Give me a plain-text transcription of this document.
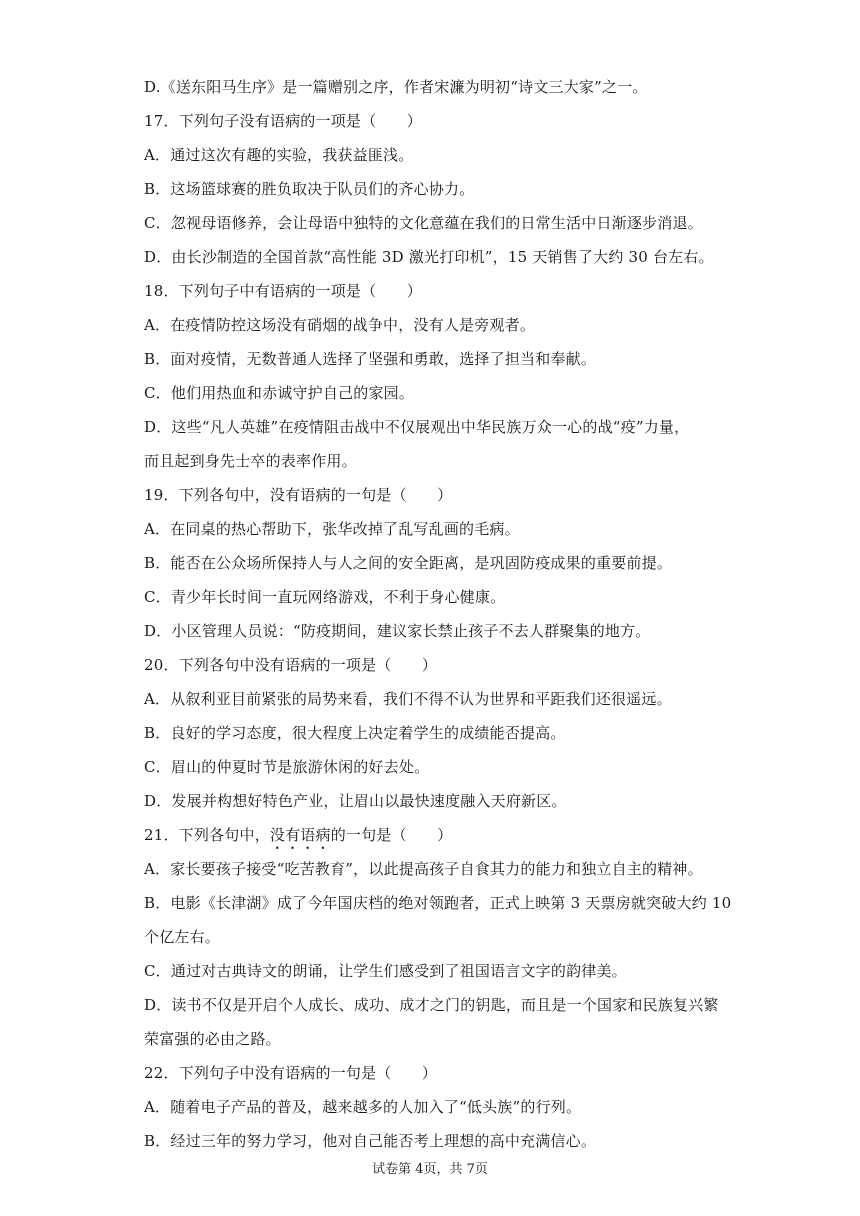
D.《送东阳马生序》是一篇赠别之序，作者宋濂为明初“诗文三大家”之一。
17．下列句子没有语病的一项是（　　）
A．通过这次有趣的实验，我获益匪浅。
B．这场篮球赛的胜负取决于队员们的齐心协力。
C．忽视母语修养，会让母语中独特的文化意蕴在我们的日常生活中日渐逐步消退。
D．由长沙制造的全国首款“高性能 3D 激光打印机”，15 天销售了大约 30 台左右。
18．下列句子中有语病的一项是（　　）
A．在疫情防控这场没有硝烟的战争中，没有人是旁观者。
B．面对疫情，无数普通人选择了坚强和勇敢，选择了担当和奉献。
C．他们用热血和赤诚守护自己的家园。
D．这些“凡人英雄”在疫情阻击战中不仅展观出中华民族万众一心的战“疫”力量，
而且起到身先士卒的表率作用。
19．下列各句中，没有语病的一句是（　　）
A．在同桌的热心帮助下，张华改掉了乱写乱画的毛病。
B．能否在公众场所保持人与人之间的安全距离，是巩固防疫成果的重要前提。
C．青少年长时间一直玩网络游戏，不利于身心健康。
D．小区管理人员说：“防疫期间，建议家长禁止孩子不去人群聚集的地方。
20．下列各句中没有语病的一项是（　　）
A．从叙利亚目前紧张的局势来看，我们不得不认为世界和平距我们还很遥远。
B．良好的学习态度，很大程度上决定着学生的成绩能否提高。
C．眉山的仲夏时节是旅游休闲的好去处。
D．发展并构想好特色产业，让眉山以最快速度融入天府新区。
21．下列各句中，没有语病的一句是（　　）
A．家长要孩子接受“吃苦教育”，以此提高孩子自食其力的能力和独立自主的精神。
B．电影《长津湖》成了今年国庆档的绝对领跑者，正式上映第 3 天票房就突破大约 10
个亿左右。
C．通过对古典诗文的朗诵，让学生们感受到了祖国语言文字的韵律美。
D．读书不仅是开启个人成长、成功、成才之门的钥匙，而且是一个国家和民族复兴繁
荣富强的必由之路。
22．下列句子中没有语病的一句是（　　）
A．随着电子产品的普及，越来越多的人加入了“低头族”的行列。
B．经过三年的努力学习，他对自己能否考上理想的高中充满信心。
试卷第 4页，共 7页
